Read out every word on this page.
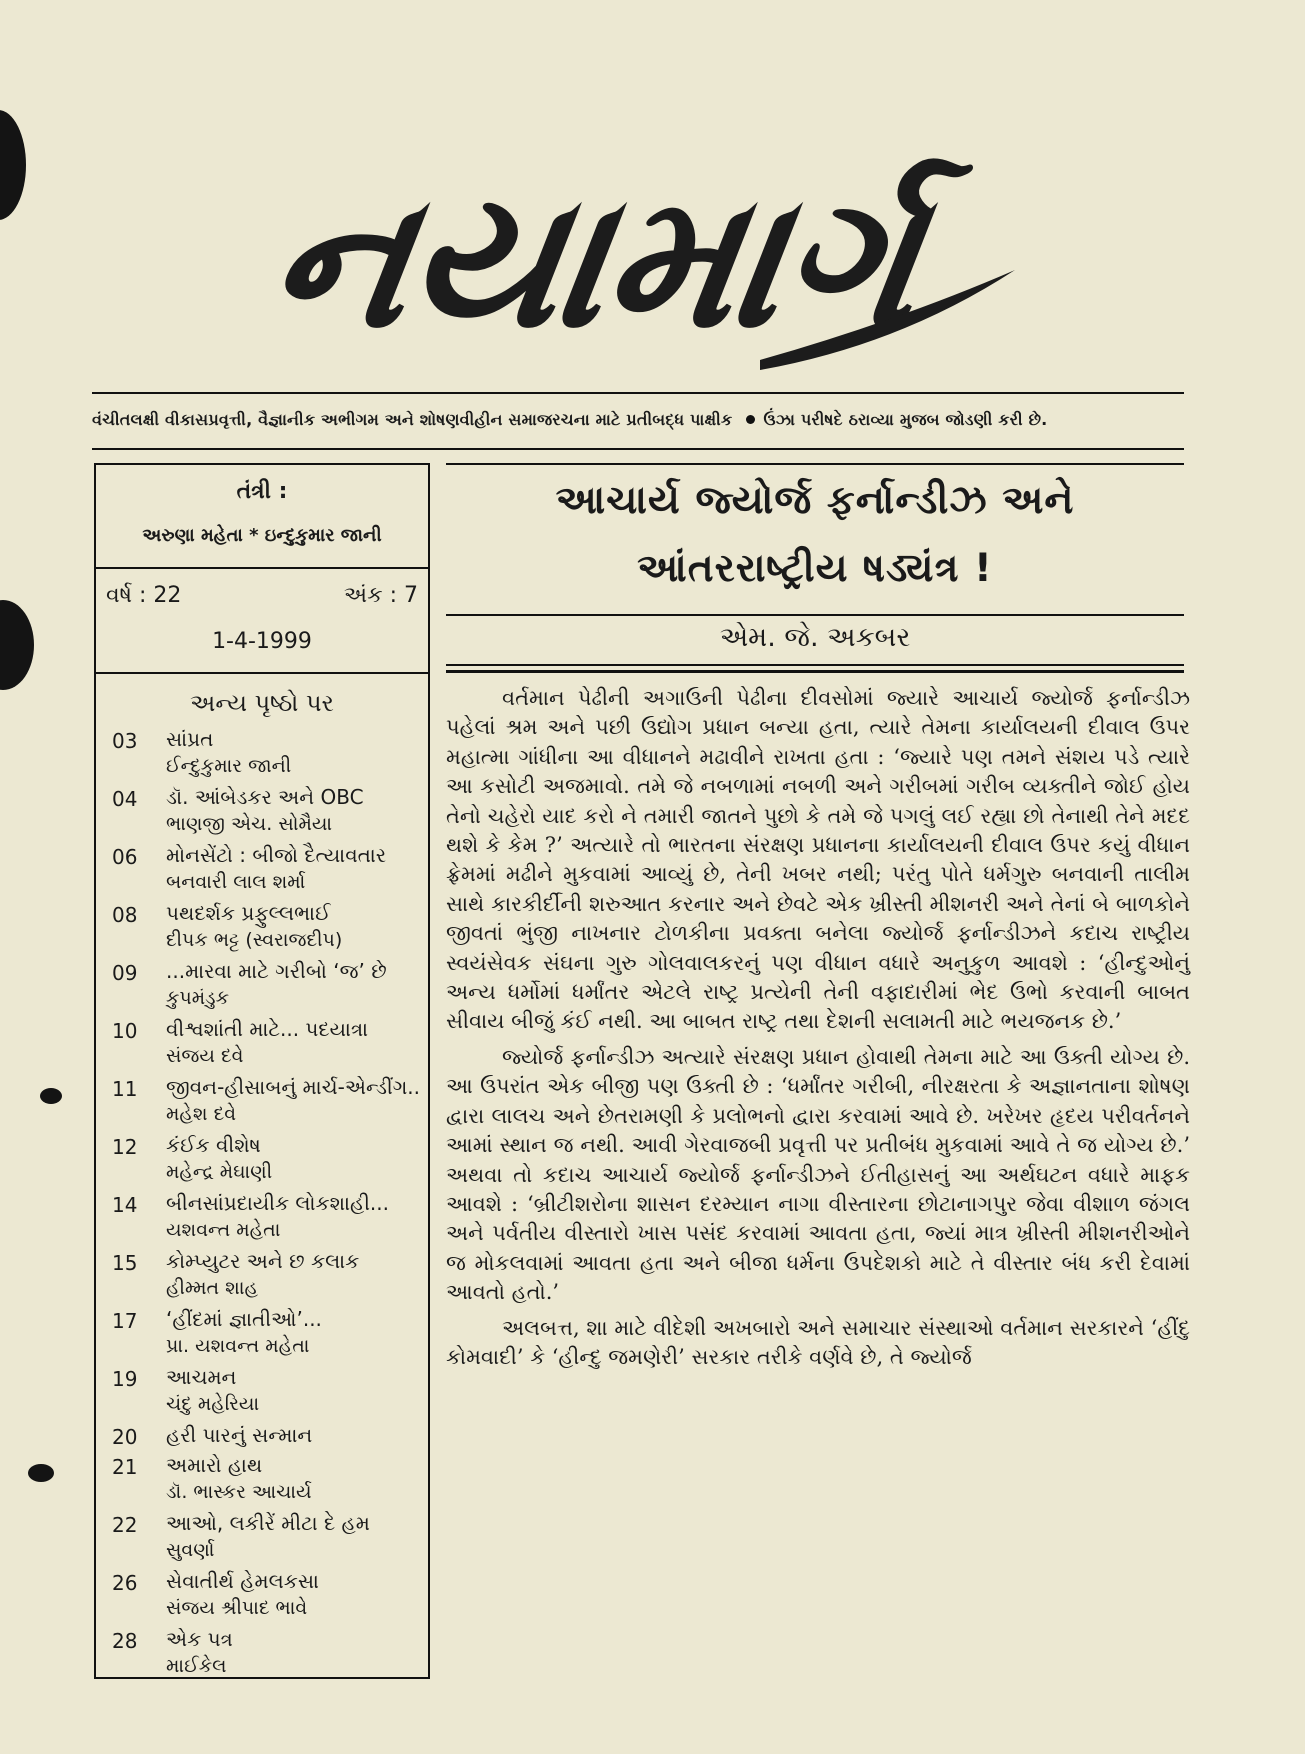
નયામાર્ગ
વંચીતલક્ષી વીકાસપ્રવૃત્તી, વૈજ્ઞાનીક અભીગમ અને શોષણવીહીન સમાજરચના માટે પ્રતીબદ્ધ પાક્ષીક ઉંઝા પરીષદે ઠરાવ્યા મુજબ જોડણી કરી છે.
તંત્રી :
અરુણા મહેતા * ઇન્દુકુમાર જાની
વર્ષ : 22	અંક : 7
1-4-1999
અન્ય પૃષ્ઠો પર
03 સાંપ્રત
ઈન્દુકુમાર જાની
04 ડૉ. આંબેડકર અને OBC
ભાણજી એચ. સોમૈયા
06 મોનસેંટો : બીજો દૈત્યાવતાર
બનવારી લાલ શર્મા
08 પથદર્શક પ્રફુલ્લભાઈ
દીપક ભટ્ટ (સ્વરાજદીપ)
09 ...મારવા માટે ગરીબો ‘જ’ છે
કુપમંડુક
10 વીશ્વશાંતી માટે... પદયાત્રા
સંજય દવે
11 જીવન-હીસાબનું માર્ચ-એન્ડીંગ..
મહેશ દવે
12 કંઈક વીશેષ
મહેન્દ્ર મેઘાણી
14 બીનસાંપ્રદાયીક લોકશાહી...
યશવન્ત મહેતા
15 કોમ્પ્યુટર અને છ કલાક
હીમ્મત શાહ
17 ‘હીંદમાં જ્ઞાતીઓ’...
પ્રા. યશવન્ત મહેતા
19 આચમન
ચંદુ મહેરિયા
20 હરી પારનું સન્માન
21 અમારો હાથ
ડૉ. ભાસ્કર આચાર્ય
22 આઓ, લકીરેં મીટા દે હમ
સુવર્ણા
26 સેવાતીર્થ હેમલકસા
સંજય શ્રીપાદ ભાવે
28 એક પત્ર
માઈકેલ
આચાર્ય જ્યોર્જ ફર્નાન્ડીઝ અને
આંતરરાષ્ટ્રીય ષડ્યંત્ર !
એમ. જે. અકબર

વર્તમાન પેઢીની અગાઉની પેઢીના દીવસોમાં જ્યારે આચાર્ય જ્યોર્જ ફર્નાન્ડીઝ પહેલાં શ્રમ અને પછી ઉદ્યોગ પ્રધાન બન્યા હતા, ત્યારે તેમના કાર્યાલયની દીવાલ ઉપર મહાત્મા ગાંધીના આ વીધાનને મઢાવીને રાખતા હતા : ‘જ્યારે પણ તમને સંશય પડે ત્યારે આ કસોટી અજમાવો. તમે જે નબળામાં નબળી અને ગરીબમાં ગરીબ વ્યક્તીને જોઈ હોય તેનો ચહેરો યાદ કરો ને તમારી જાતને પુછો કે તમે જે પગલું લઈ રહ્યા છો તેનાથી તેને મદદ થશે કે કેમ ?’ અત્યારે તો ભારતના સંરક્ષણ પ્રધાનના કાર્યાલયની દીવાલ ઉપર કયું વીધાન ફ્રેમમાં મઢીને મુકવામાં આવ્યું છે, તેની ખબર નથી; પરંતુ પોતે ધર્મગુરુ બનવાની તાલીમ સાથે કારકીર્દીની શરુઆત કરનાર અને છેવટે એક ખ્રીસ્તી મીશનરી અને તેનાં બે બાળકોને જીવતાં ભુંજી નાખનાર ટોળકીના પ્રવક્તા બનેલા જ્યોર્જ ફર્નાન્ડીઝને કદાચ રાષ્ટ્રીય સ્વયંસેવક સંઘના ગુરુ ગોલવાલકરનું પણ વીધાન વધારે અનુકુળ આવશે : ‘હીન્દુઓનું અન્ય ધર્મોમાં ધર્માંતર એટલે રાષ્ટ્ર પ્રત્યેની તેની વફાદારીમાં ભેદ ઉભો કરવાની બાબત સીવાય બીજું કંઈ નથી. આ બાબત રાષ્ટ્ર તથા દેશની સલામતી માટે ભયજનક છે.’

જ્યોર્જ ફર્નાન્ડીઝ અત્યારે સંરક્ષણ પ્રધાન હોવાથી તેમના માટે આ ઉક્તી યોગ્ય છે. આ ઉપરાંત એક બીજી પણ ઉક્તી છે : ‘ધર્માંતર ગરીબી, નીરક્ષરતા કે અજ્ઞાનતાના શોષણ દ્વારા લાલચ અને છેતરામણી કે પ્રલોભનો દ્વારા કરવામાં આવે છે. ખરેખર હૃદય પરીવર્તનને આમાં સ્થાન જ નથી. આવી ગેરવાજબી પ્રવૃત્તી પર પ્રતીબંધ મુકવામાં આવે તે જ યોગ્ય છે.’ અથવા તો કદાચ આચાર્ય જ્યોર્જ ફર્નાન્ડીઝને ઈતીહાસનું આ અર્થઘટન વધારે માફક આવશે : ‘બ્રીટીશરોના શાસન દરમ્યાન નાગા વીસ્તારના છોટાનાગપુર જેવા વીશાળ જંગલ અને પર્વતીય વીસ્તારો ખાસ પસંદ કરવામાં આવતા હતા, જ્યાં માત્ર ખ્રીસ્તી મીશનરીઓને જ મોકલવામાં આવતા હતા અને બીજા ધર્મના ઉપદેશકો માટે તે વીસ્તાર બંધ કરી દેવામાં આવતો હતો.’

અલબત્ત, શા માટે વીદેશી અખબારો અને સમાચાર સંસ્થાઓ વર્તમાન સરકારને ‘હીંદુ કોમવાદી’ કે ‘હીન્દુ જમણેરી’ સરકાર તરીકે વર્ણવે છે, તે જ્યોર્જ
